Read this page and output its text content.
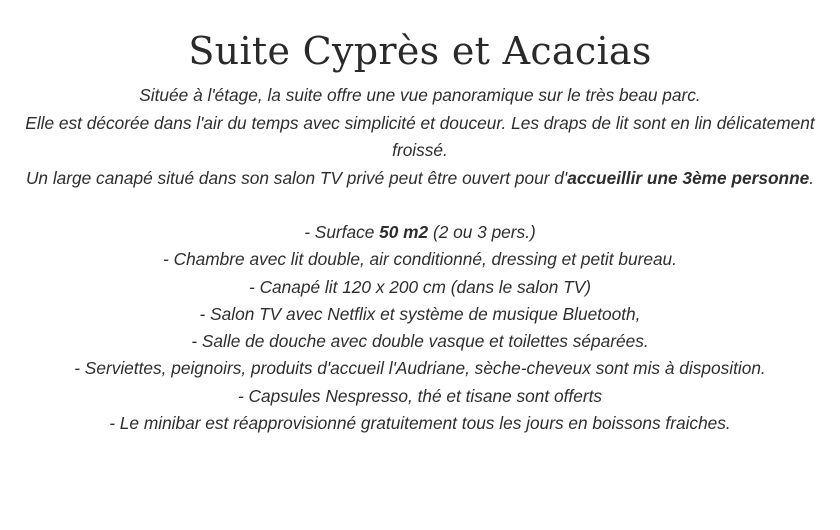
Suite Cyprès et Acacias

Située à l'étage, la suite offre une vue panoramique sur le très beau parc.

Elle est décorée dans l'air du temps avec simplicité et douceur. Les draps de lit sont en lin délicatement froissé.

Un large canapé situé dans son salon TV privé peut être ouvert pour d'accueillir une 3ème personne.

- Surface 50 m2 (2 ou 3 pers.)
- Chambre avec lit double, air conditionné, dressing et petit bureau.
- Canapé lit 120 x 200 cm (dans le salon TV)
- Salon TV avec Netflix et système de musique Bluetooth,
- Salle de douche avec double vasque et toilettes séparées.
- Serviettes, peignoirs, produits d'accueil l'Audriane, sèche-cheveux sont mis à disposition.
- Capsules Nespresso, thé et tisane sont offerts
- Le minibar est réapprovisionné gratuitement tous les jours en boissons fraiches.
